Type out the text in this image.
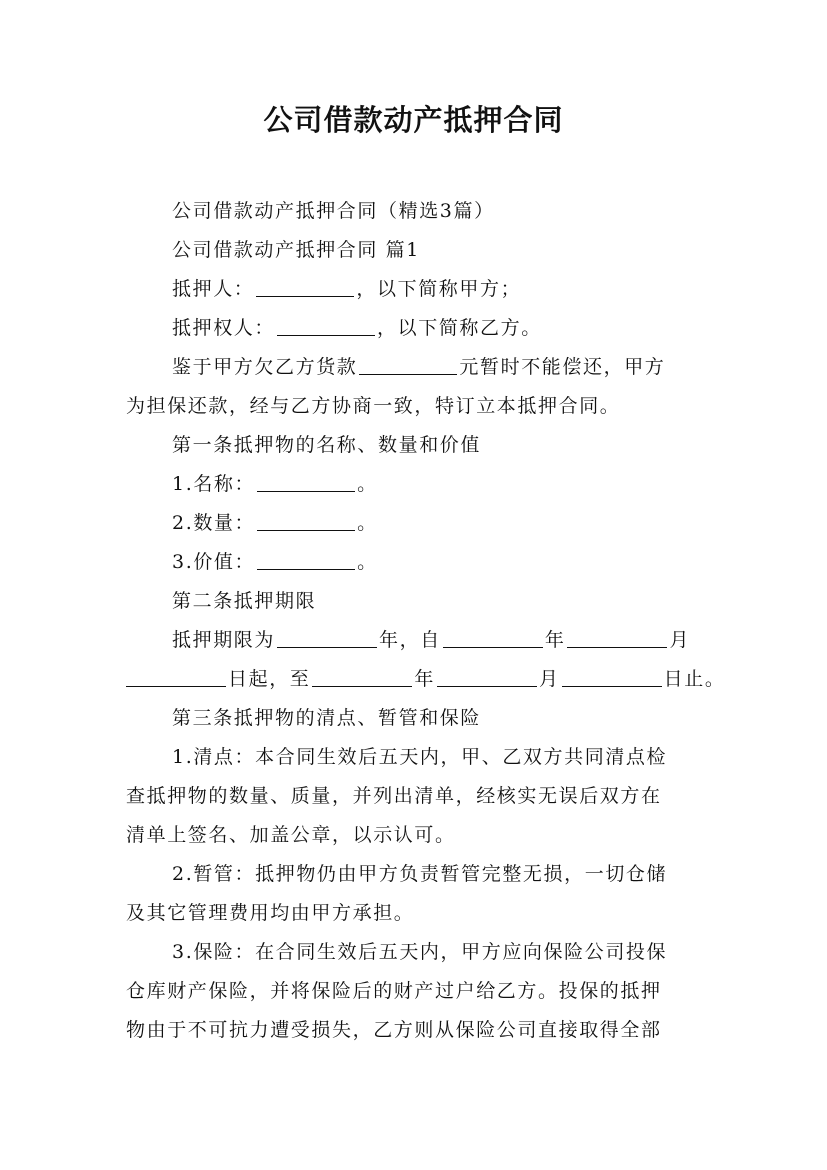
公司借款动产抵押合同
公司借款动产抵押合同（精选3篇）
公司借款动产抵押合同 篇1
抵押人：	，以下简称甲方；
抵押权人：	，以下简称乙方。
鉴于甲方欠乙方货款	元暂时不能偿还，甲方
为担保还款，经与乙方协商一致，特订立本抵押合同。
第一条抵押物的名称、数量和价值
1.名称：	。
2.数量：	。
3.价值：	。
第二条抵押期限
抵押期限为	年，自	年	月
日起，至	年	月	日止。
第三条抵押物的清点、暂管和保险
1.清点：本合同生效后五天内，甲、乙双方共同清点检
查抵押物的数量、质量，并列出清单，经核实无误后双方在
清单上签名、加盖公章，以示认可。
2.暂管：抵押物仍由甲方负责暂管完整无损，一切仓储
及其它管理费用均由甲方承担。
3.保险：在合同生效后五天内，甲方应向保险公司投保
仓库财产保险，并将保险后的财产过户给乙方。投保的抵押
物由于不可抗力遭受损失，乙方则从保险公司直接取得全部
